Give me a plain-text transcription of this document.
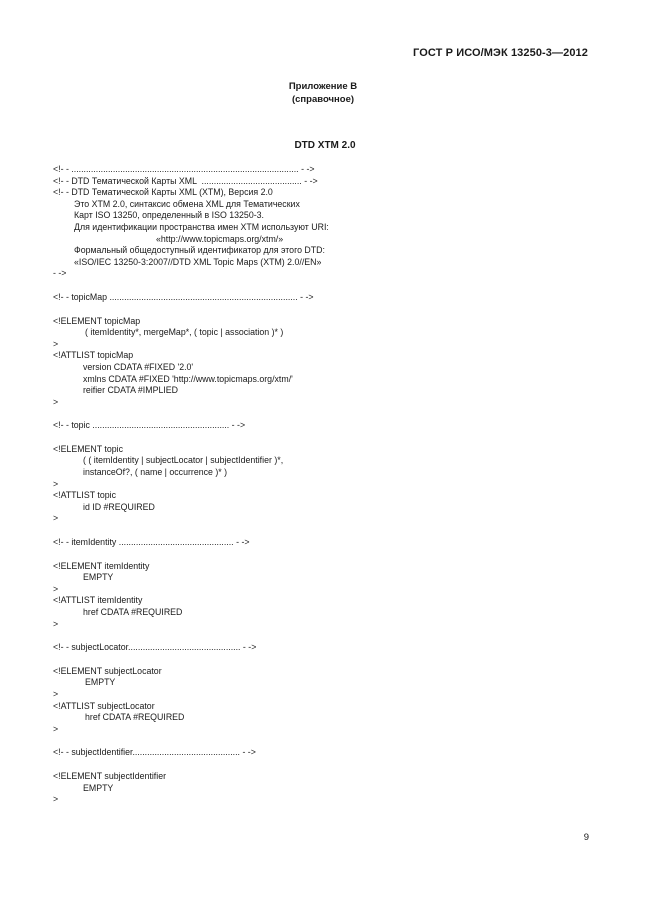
ГОСТ Р ИСО/МЭК 13250-3—2012
Приложение В
(справочное)
DTD XTM 2.0
<!- - ............................................................................................. - ->
<!- - DTD Тематической Карты XML  ......................................... - ->
<!- - DTD Тематической Карты XML (XTM), Версия 2.0
Это XTM 2.0, синтаксис обмена XML для Тематических
Карт ISO 13250, определенный в ISO 13250-3.
Для идентификации пространства имен XTM используют URI:
«http://www.topicmaps.org/xtm/»
Формальный общедоступный идентификатор для этого DTD:
«ISO/IEC 13250-3:2007//DTD XML Topic Maps (XTM) 2.0//EN»
- ->
<!- - topicMap ............................................................................. - ->
<!ELEMENT topicMap
( itemIdentity*, mergeMap*, ( topic | association )* )
>
<!ATTLIST topicMap
version CDATA #FIXED '2.0'
xmlns CDATA #FIXED 'http://www.topicmaps.org/xtm/'
reifier CDATA #IMPLIED
>
<!- - topic ........................................................ - ->
<!ELEMENT topic
( ( itemIdentity | subjectLocator | subjectIdentifier )*,
instanceOf?, ( name | occurrence )* )
>
<!ATTLIST topic
id ID #REQUIRED
>
<!- - itemIdentity ............................................... - ->
<!ELEMENT itemIdentity
EMPTY
>
<!ATTLIST itemIdentity
href CDATA #REQUIRED
>
<!- - subjectLocator.............................................. - ->
<!ELEMENT subjectLocator
EMPTY
>
<!ATTLIST subjectLocator
href CDATA #REQUIRED
>
<!- - subjectIdentifier............................................ - ->
<!ELEMENT subjectIdentifier
EMPTY
>
9
